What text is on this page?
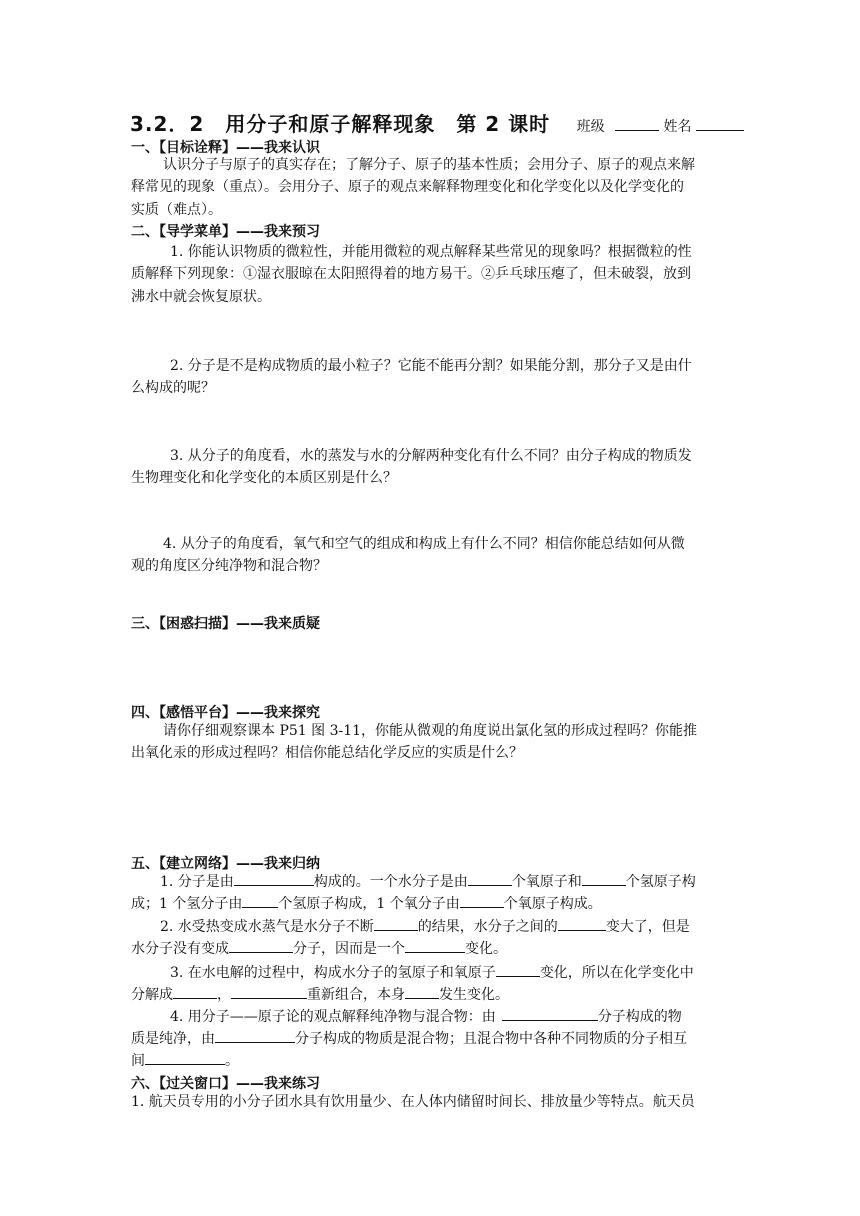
3.2．2　用分子和原子解释现象　第 2 课时 班级	姓名
一、【目标诠释】——我来认识
认识分子与原子的真实存在；了解分子、原子的基本性质；会用分子、原子的观点来解
释常见的现象（重点）。会用分子、原子的观点来解释物理变化和化学变化以及化学变化的
实质（难点）。
二、【导学菜单】——我来预习
1. 你能认识物质的微粒性，并能用微粒的观点解释某些常见的现象吗？根据微粒的性
质解释下列现象：①湿衣服晾在太阳照得着的地方易干。②乒乓球压瘪了，但未破裂，放到
沸水中就会恢复原状。
2. 分子是不是构成物质的最小粒子？它能不能再分割？如果能分割，那分子又是由什
么构成的呢？
3. 从分子的角度看，水的蒸发与水的分解两种变化有什么不同？由分子构成的物质发
生物理变化和化学变化的本质区别是什么？
4. 从分子的角度看，氧气和空气的组成和构成上有什么不同？相信你能总结如何从微
观的角度区分纯净物和混合物？
三、【困惑扫描】——我来质疑
四、【感悟平台】——我来探究
请你仔细观察课本 P51 图 3-11，你能从微观的角度说出氯化氢的形成过程吗？你能推
出氧化汞的形成过程吗？相信你能总结化学反应的实质是什么？
五、【建立网络】——我来归纳
1. 分子是由	构成的。一个水分子是由	个氧原子和	个氢原子构
成；1 个氢分子由	个氢原子构成，1 个氧分子由	个氧原子构成。
2. 水受热变成水蒸气是水分子不断	的结果，水分子之间的	变大了，但是
水分子没有变成	分子，因而是一个	变化。
3. 在水电解的过程中，构成水分子的氢原子和氧原子	变化，所以在化学变化中
分解成	，	重新组合，本身 发生变化。
4. 用分子——原子论的观点解释纯净物与混合物：由	分子构成的物
质是纯净，由	分子构成的物质是混合物；且混合物中各种不同物质的分子相互
间	。
六、【过关窗口】——我来练习
1. 航天员专用的小分子团水具有饮用量少、在人体内储留时间长、排放量少等特点。航天员
